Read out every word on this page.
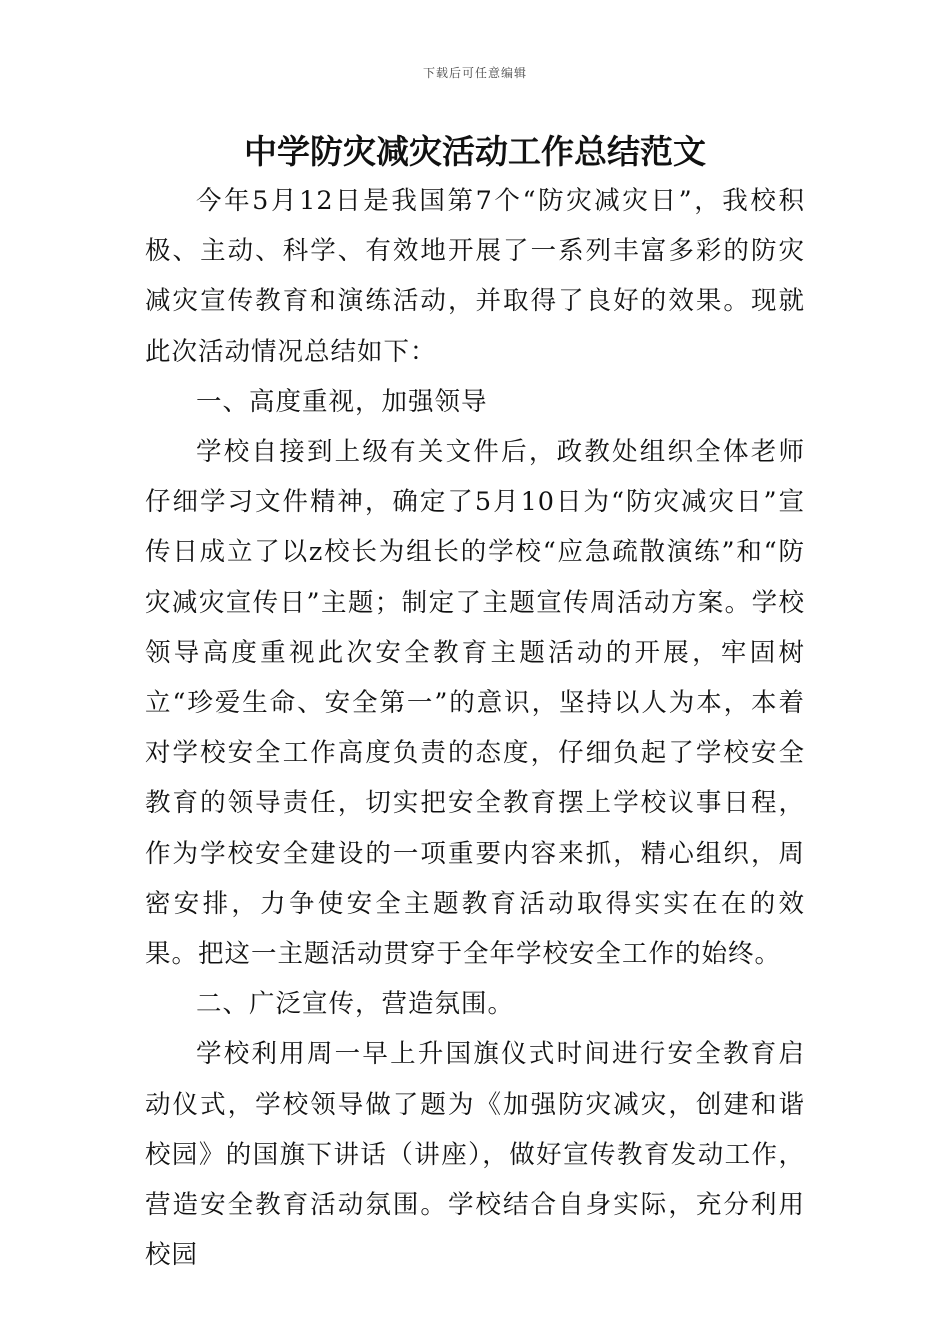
下载后可任意编辑
中学防灾减灾活动工作总结范文

今年5月12日是我国第7个“防灾减灾日”，我校积极、主动、科学、有效地开展了一系列丰富多彩的防灾减灾宣传教育和演练活动，并取得了良好的效果。现就此次活动情况总结如下：

一、高度重视，加强领导

学校自接到上级有关文件后，政教处组织全体老师仔细学习文件精神，确定了5月10日为“防灾减灾日”宣传日成立了以z校长为组长的学校“应急疏散演练”和“防灾减灾宣传日”主题；制定了主题宣传周活动方案。学校领导高度重视此次安全教育主题活动的开展，牢固树立“珍爱生命、安全第一”的意识，坚持以人为本，本着对学校安全工作高度负责的态度，仔细负起了学校安全教育的领导责任，切实把安全教育摆上学校议事日程，作为学校安全建设的一项重要内容来抓，精心组织，周密安排，力争使安全主题教育活动取得实实在在的效果。把这一主题活动贯穿于全年学校安全工作的始终。

二、广泛宣传，营造氛围。

学校利用周一早上升国旗仪式时间进行安全教育启动仪式，学校领导做了题为《加强防灾减灾，创建和谐校园》的国旗下讲话（讲座），做好宣传教育发动工作，营造安全教育活动氛围。学校结合自身实际，充分利用校园
